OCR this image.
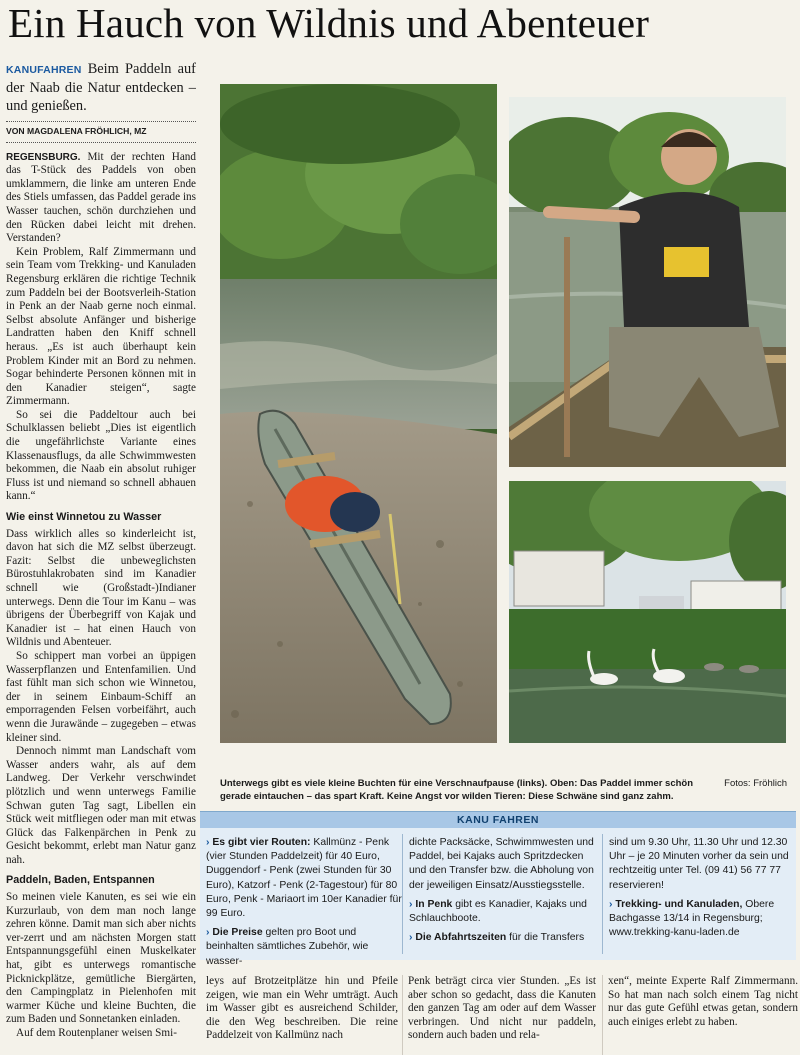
Ein Hauch von Wildnis und Abenteuer
KANUFAHREN Beim Paddeln auf der Naab die Natur entdecken – und genießen.
VON MAGDALENA FRÖHLICH, MZ

REGENSBURG. Mit der rechten Hand das T-Stück des Paddels von oben umklammern, die linke am unteren Ende des Stiels umfassen, das Paddel gerade ins Wasser tauchen, schön durchziehen und den Rücken dabei leicht mit drehen. Verstanden?

Kein Problem, Ralf Zimmermann und sein Team vom Trekking- und Kanuladen Regensburg erklären die richtige Technik zum Paddeln bei der Bootsverleih-Station in Penk an der Naab gerne noch einmal. Selbst absolute Anfänger und bisherige Landratten haben den Kniff schnell heraus. „Es ist auch überhaupt kein Problem Kinder mit an Bord zu nehmen. Sogar behinderte Personen können mit in den Kanadier steigen“, sagte Zimmermann.

So sei die Paddeltour auch bei Schulklassen beliebt „Dies ist eigentlich die ungefährlichste Variante eines Klassenausflugs, da alle Schwimmwesten bekommen, die Naab ein absolut ruhiger Fluss ist und niemand so schnell abhauen kann.“

Wie einst Winnetou zu Wasser

Dass wirklich alles so kinderleicht ist, davon hat sich die MZ selbst überzeugt. Fazit: Selbst die unbeweglichsten Bürostuhlakrobaten sind im Kanadier schnell wie (Großstadt-)Indianer unterwegs. Denn die Tour im Kanu – was übrigens der Überbegriff von Kajak und Kanadier ist – hat einen Hauch von Wildnis und Abenteuer.

So schippert man vorbei an üppigen Wasserpflanzen und Entenfamilien. Und fast fühlt man sich schon wie Winnetou, der in seinem Einbaum-Schiff an emporragenden Felsen vorbeifährt, auch wenn die Jurawände – zugegeben – etwas kleiner sind.

Dennoch nimmt man Landschaft vom Wasser anders wahr, als auf dem Landweg. Der Verkehr verschwindet plötzlich und wenn unterwegs Familie Schwan guten Tag sagt, Libellen ein Stück weit mitfliegen oder man mit etwas Glück das Falkenpärchen in Penk zu Gesicht bekommt, erlebt man Natur ganz nah.

Paddeln, Baden, Entspannen

So meinen viele Kanuten, es sei wie ein Kurzurlaub, von dem man noch lange zehren könne. Damit man sich aber nichts ver-zerrt und am nächsten Morgen statt Entspannungsgefühl einen Muskelkater hat, gibt es unterwegs romantische Picknickplätze, gemütliche Biergärten, den Campingplatz in Pielenhofen mit warmer Küche und kleine Buchten, die zum Baden und Sonnetanken einladen.

Auf dem Routenplaner weisen Smi-

Fotos: Fröhlich
Unterwegs gibt es viele kleine Buchten für eine Verschnaufpause (links). Oben: Das Paddel immer schön gerade eintauchen – das spart Kraft. Keine Angst vor wilden Tieren: Diese Schwäne sind ganz zahm.
KANU FAHREN

› Es gibt vier Routen: Kallmünz - Penk (vier Stunden Paddelzeit) für 40 Euro, Duggendorf - Penk (zwei Stunden für 30 Euro), Katzorf - Penk (2-Tagestour) für 80 Euro, Penk - Mariaort im 10er Kanadier für 99 Euro.

› Die Preise gelten pro Boot und beinhalten sämtliches Zubehör, wie wasser-

dichte Packsäcke, Schwimmwesten und Paddel, bei Kajaks auch Spritzdecken und den Transfer bzw. die Abholung von der jeweiligen Einsatz/Ausstiegsstelle.

› In Penk gibt es Kanadier, Kajaks und Schlauchboote.

› Die Abfahrtszeiten für die Transfers

sind um 9.30 Uhr, 11.30 Uhr und 12.30 Uhr – je 20 Minuten vorher da sein und rechtzeitig unter Tel. (09 41) 56 77 77 reservieren!

› Trekking- und Kanuladen, Obere Bachgasse 13/14 in Regensburg; www.trekking-kanu-laden.de

leys auf Brotzeitplätze hin und Pfeile zeigen, wie man ein Wehr umträgt. Auch im Wasser gibt es ausreichend Schilder, die den Weg beschreiben. Die reine Paddelzeit von Kallmünz nach
Penk beträgt circa vier Stunden. „Es ist aber schon so gedacht, dass die Kanuten den ganzen Tag am oder auf dem Wasser verbringen. Und nicht nur paddeln, sondern auch baden und rela-
xen“, meinte Experte Ralf Zimmermann. So hat man nach solch einem Tag nicht nur das gute Gefühl etwas getan, sondern auch einiges erlebt zu haben.
